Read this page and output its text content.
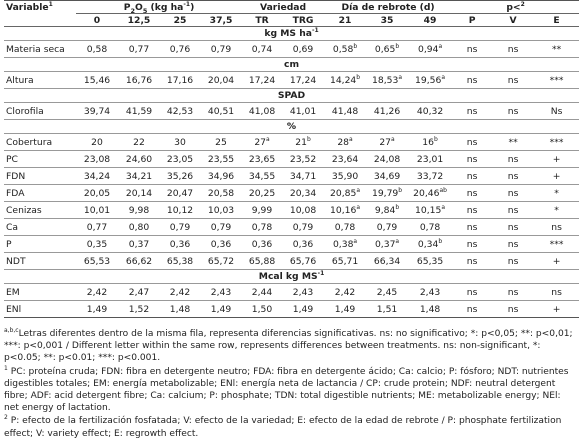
Variable$^1$	$P_2O_5$ (kg $ha^{-1}$)				Variedad		Día de rebrote (d)			p<$^2$
	0	12,5	25	37,5	TR	TRG	21	35	49	P	V	E
kg MS $ha^{-1}$
Materia seca	0,58	0,77	0,76	0,79	0,74	0,69	0,58$^b$	0,65$^b$	0,94$^a$	ns	ns	**
cm												
Altura	15,46	16,76	17,16	20,04	17,24	17,24	14,24$^b$	18,53$^a$	19,56$^a$	ns	ns	***
SPAD												
Clorofila	39,74	41,59	42,53	40,51	41,08	41,01	41,48	41,26	40,32	ns	ns	Ns
%												
Cobertura	20	22	30	25	27$^a$	21$^b$	28$^a$	27$^a$	16$^b$	ns	**	***
PC	23,08	24,60	23,05	23,55	23,65	23,52	23,64	24,08	23,01	ns	ns	+
FDN	34,24	34,21	35,26	34,96	34,55	34,71	35,90	34,69	33,72	ns	ns	+
FDA	20,05	20,14	20,47	20,58	20,25	20,34	20,85$^a$	19,79$^b$	20,46$^{ab}$	ns	ns	*
Cenizas	10,01	9,98	10,12	10,03	9,99	10,08	10,16$^a$	9,84$^b$	10,15$^a$	ns	ns	*
Ca	0,77	0,80	0,79	0,79	0,78	0,79	0,78	0,79	0,78	ns	ns	ns
P	0,35	0,37	0,36	0,36	0,36	0,36	0,38$^a$	0,37$^a$	0,34$^b$	ns	ns	***
NDT	65,53	66,62	65,38	65,72	65,88	65,76	65,71	66,34	65,35	ns	ns	+
Mcal kg $MS^{-1}$
EM	2,42	2,47	2,42	2,43	2,44	2,43	2,42	2,45	2,43	ns	ns	ns
ENl	1,49	1,52	1,48	1,49	1,50	1,49	1,49	1,51	1,48	ns	ns	+

$^{a,b,c}$Letras diferentes dentro de la misma fila, representa diferencias significativas. ns: no significativo; *: p<0,05; **: p<0,01; ***: p<0,001 / Different letter within the same row, represents differences between treatments. ns: non-significant, *: p<0.05; **: p<0.01; ***: p<0.001.

$^1$ PC: proteína cruda; FDN: fibra en detergente neutro; FDA: fibra en detergente ácido; Ca: calcio; P: fósforo; NDT: nutrientes digestibles totales; EM: energía metabolizable; ENl: energía neta de lactancia / CP: crude protein; NDF: neutral detergent fibre; ADF: acid detergent fibre; Ca: calcium; P: phosphate; TDN: total digestible nutrients; ME: metabolizable energy; NEl: net energy of lactation.

$^2$ P: efecto de la fertilización fosfatada; V: efecto de la variedad; E: efecto de la edad de rebrote / P: phosphate fertilization effect; V: variety effect; E: regrowth effect.
